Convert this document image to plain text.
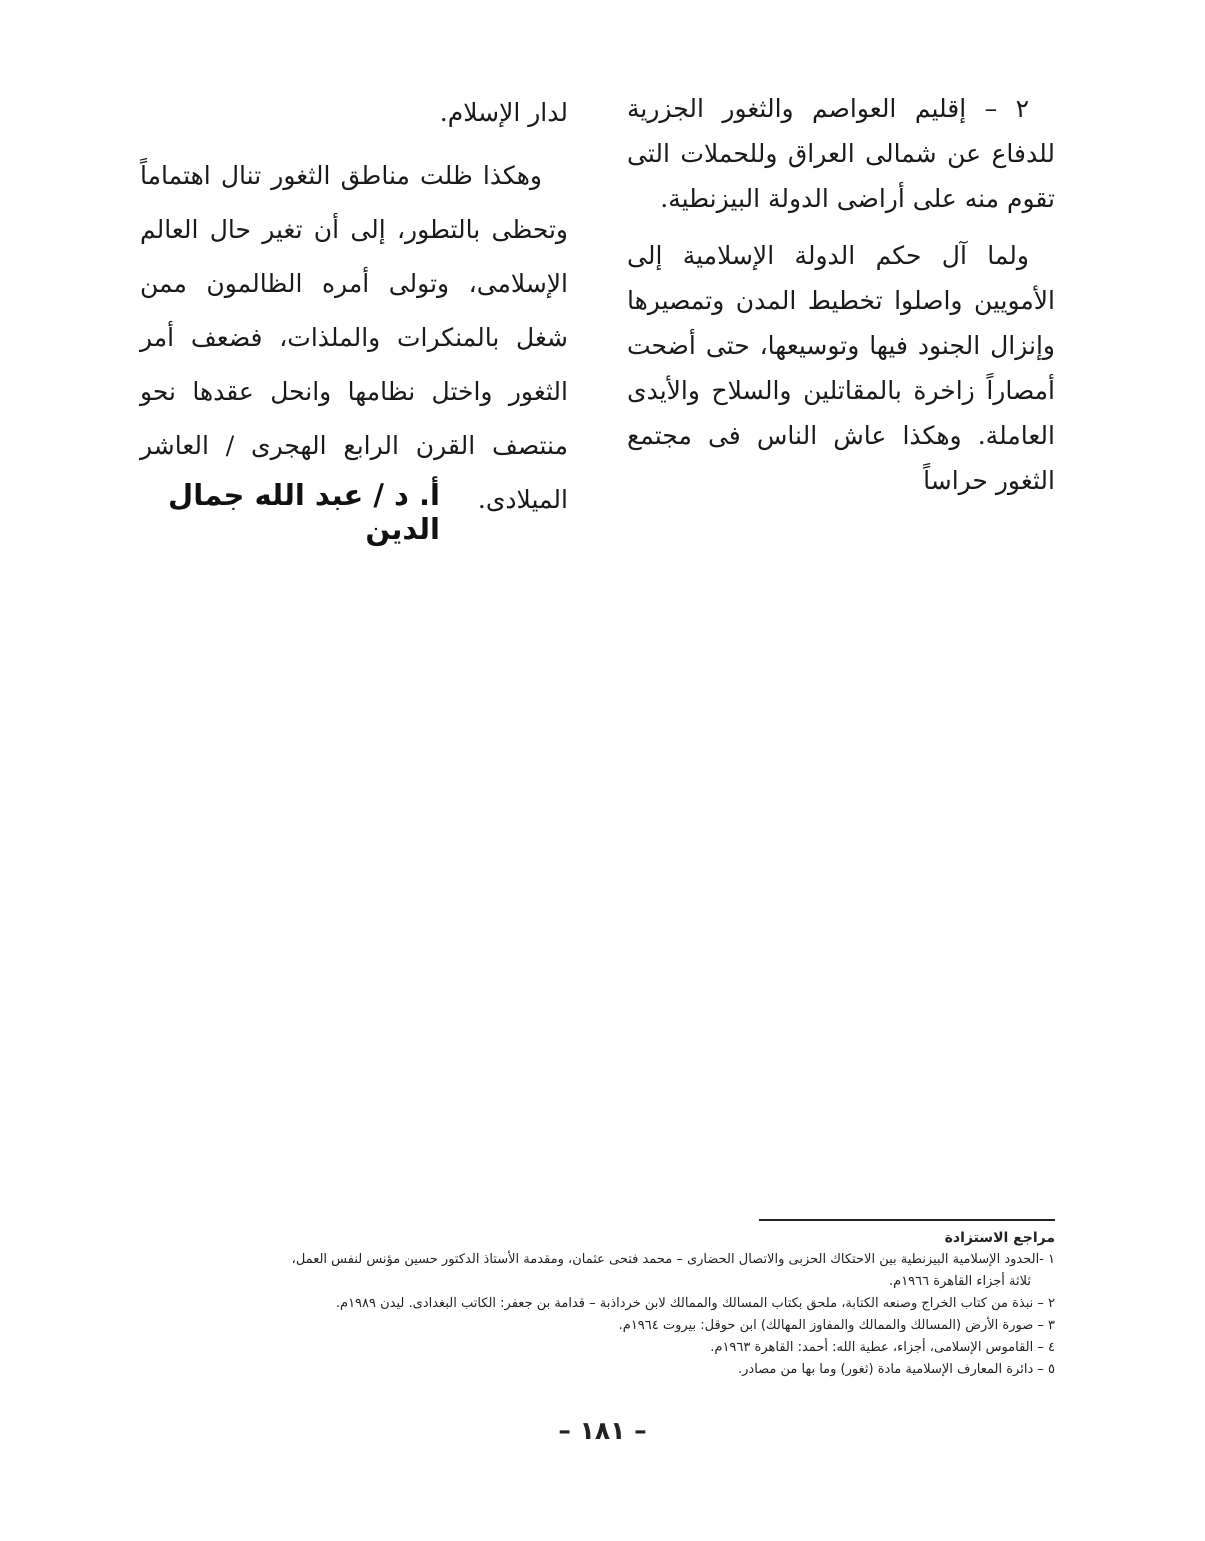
٢ – إقليم العواصم والثغور الجزرية للدفاع عن شمالى العراق وللحملات التى تقوم منه على أراضى الدولة البيزنطية.

ولما آل حكم الدولة الإسلامية إلى الأمويين واصلوا تخطيط المدن وتمصيرها وإنزال الجنود فيها وتوسيعها، حتى أضحت أمصاراً زاخرة بالمقاتلين والسلاح والأيدى العاملة. وهكذا عاش الناس فى مجتمع الثغور حراساً

لدار الإسلام.

وهكذا ظلت مناطق الثغور تنال اهتماماً وتحظى بالتطور، إلى أن تغير حال العالم الإسلامى، وتولى أمره الظالمون ممن شغل بالمنكرات والملذات، فضعف أمر الثغور واختل نظامها وانحل عقدها نحو منتصف القرن الرابع الهجرى / العاشر الميلادى.

أ. د / عبد الله جمال الدين
مراجع الاستزادة
١ -الحدود الإسلامية البيزنطية بين الاحتكاك الحزبى والاتصال الحضارى – محمد فتحى عثمان، ومقدمة الأستاذ الدكتور حسين مؤنس لنفس العمل،
ثلاثة أجزاء القاهرة ١٩٦٦م.
٢ – نبذة من كتاب الخراج وصنعه الكتابة، ملحق بكتاب المسالك والممالك لابن خرداذبة – قدامة بن جعفر: الكاتب البغدادى. ليدن ١٩٨٩م.
٣ – صورة الأرض (المسالك والممالك والمفاوز المهالك) ابن حوقل: بيروت ١٩٦٤م.
٤ – القاموس الإسلامى، أجزاء، عطية الله: أحمد: القاهرة ١٩٦٣م.
٥ – دائرة المعارف الإسلامية مادة (ثغور) وما بها من مصادر.
– ١٨١ –
